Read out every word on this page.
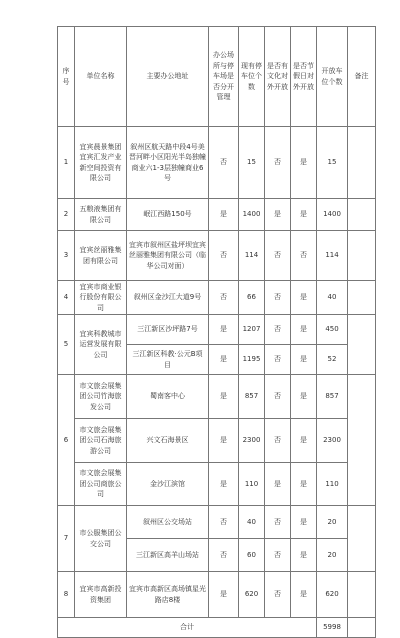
序号	单位名称	主要办公地址	办公场所与停车场是否分开管理	现有停车位个数	是否有文化对外开放	是否节假日对外开放	开放车位个数	备注
1	宜宾晨景集团宜宾汇发产业新空间投资有限公司	叙州区航天路中段4号美晋河畔小区阳光半岛独幢商业六1-3层独幢商业6号	否	15	否	是	15	
2	五粮液集团有限公司	岷江西路150号	是	1400	是	是	1400	
3	宜宾丝丽雅集团有限公司	宜宾市叙州区盐坪坝宜宾丝丽雅集团有限公司（临华公司对面）	否	114	否	否	114	
4	宜宾市商业银行股份有限公司	叙州区金沙江大道9号	否	66	否	是	40	
5	宜宾科教城市运营发展有限公司	三江新区沙坪路7号	是	1207	否	是	450	
		三江新区科教·公元B项目	是	1195	否	是	52	
6	市文旅会展集团公司竹海旅发公司	蜀南客中心	是	857	否	是	857	
	市文旅会展集团公司石海旅游公司	兴文石海景区	是	2300	否	是	2300	
	市文旅会展集团公司商旅公司	金沙江滨馆	是	110	是	是	110	
7	市公服集团公交公司	叙州区公交场站	否	40	否	是	20	
		三江新区高羊山场站	否	60	否	是	20	
8	宜宾市高新投资集团	宜宾市高新区高场镇星光路店8楼	是	620	否	是	620	
合计							5998	
